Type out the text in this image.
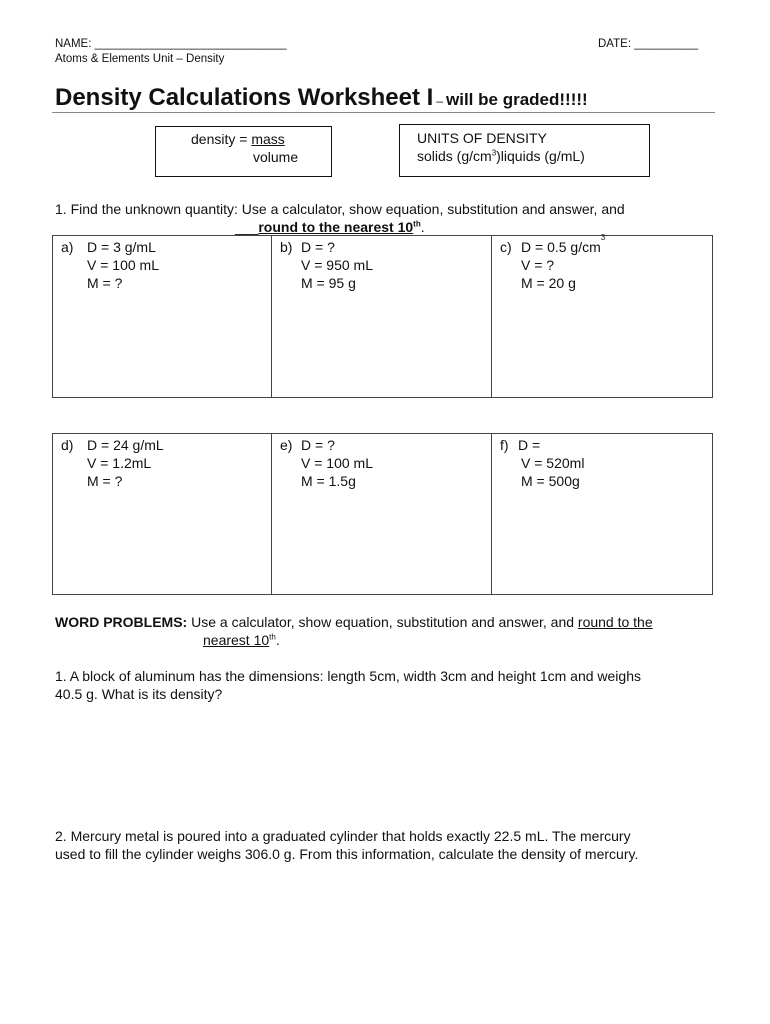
NAME: ______________________________	DATE: __________
Atoms & Elements Unit – Density
Density Calculations Worksheet I – will be graded!!!!!
density = mass
volume
UNITS OF DENSITY
solids $(g/cm^3)liquids$ (g/mL)
1. Find the unknown quantity: Use a calculator, show equation, substitution and answer, and
___round to the nearest 10th.
a) D = 3 g/mL
V = 100 mL
M = ?
b) D = ?
V = 950 mL
M = 95 g
c) D = 0.5 g/cm
3
V = ?
M = 20 g
d) D = 24 g/mL
V = 1.2mL
M = ?
e) D = ?
V = 100 mL
M = 1.5g
f) D =
V = 520ml
M = 500g
WORD PROBLEMS: Use a calculator, show equation, substitution and answer, and round to the
nearest 10th.
1. A block of aluminum has the dimensions: length 5cm, width 3cm and height 1cm and weighs
40.5 g. What is its density?
2. Mercury metal is poured into a graduated cylinder that holds exactly 22.5 mL. The mercury
used to fill the cylinder weighs 306.0 g. From this information, calculate the density of mercury.
